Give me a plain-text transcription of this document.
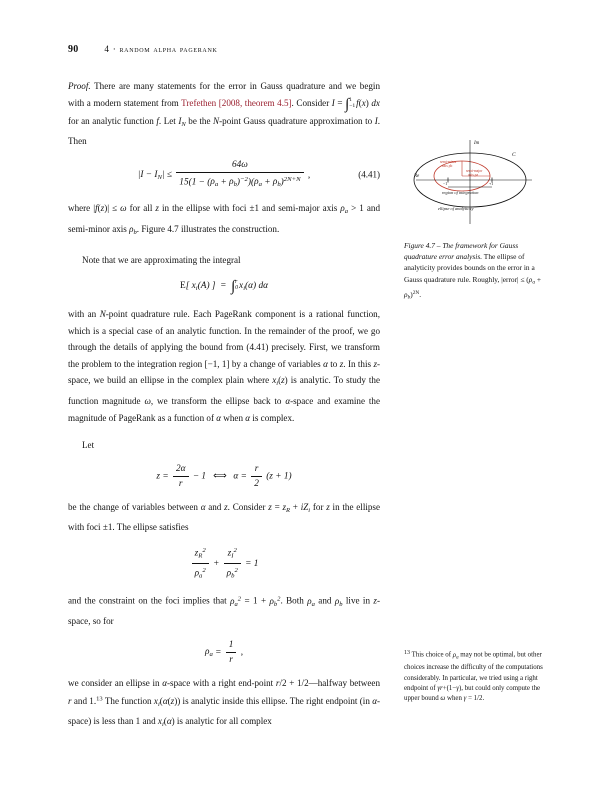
90	4 · random alpha pagerank

Proof. There are many statements for the error in Gauss quadrature and we begin with a modern statement from Trefethen [2008, theorem 4.5]. Consider I = ∫ 1
−1 f(x) dx for an analytic function f. Let $I_N$ be the N-point Gauss quadrature approximation to I. Then

$|I - I_N| \le \frac{64\omega}{15(1 - (\rho_a + \rho_b)^{-2})(\rho_a + \rho_b)^{2N+N}}$ ,	(4.41)

where |f(z)| ≤ ω for all z in the ellipse with foci ±1 and semi-major axis $\rho_a > 1$ and semi-minor axis $\rho_b$. Figure 4.7 illustrates the construction.

Note that we are approximating the integral

E[ $x_i(A)$ ]  =  ∫ r
0 $x_i(\alpha)$ dα

with an N-point quadrature rule. Each PageRank component is a rational function, which is a special case of an analytic function. In the remainder of the proof, we go through the details of applying the bound from (4.41) precisely. First, we transform the problem to the integration region [−1, 1] by a change of variables α to z. In this z-space, we build an ellipse in the complex plain where $x_i(z)$ is analytic. To study the function magnitude ω, we transform the ellipse back to α-space and examine the magnitude of PageRank as a function of α when α is complex.

Let

$z = \frac{2\alpha}{r} - 1$ ⟺ $\alpha = \frac{r}{2} (z + 1)$

be the change of variables between α and z. Consider $z = z_R + iZ_i$ for z in the ellipse with foci ±1. The ellipse satisfies

$\frac{z_R^2}{\rho_a^2} + \frac{z_I^2}{\rho_b^2} = 1$

and the constraint on the foci implies that $\rho_a^2 = 1 + \rho_b^2$. Both $\rho_a$ and $\rho_b$ live in z-space, so for

$\rho_a = \frac{1}{r}$ ,

we consider an ellipse in α-space with a right end-point r/2 + 1/2—halfway between r and 1.13 The function $x_i(\alpha(z))$ is analytic inside this ellipse. The right endpoint (in α-space) is less than 1 and $x_i(\alpha)$ is analytic for all complex

Im
Re
C
semi-minor
axis ρb
semi-major
axis ρa
−1	+1
region of integration
ellipse of analyticity
Figure 4.7 – The framework for Gauss quadrature error analysis. The ellipse of analyticity provides bounds on the error in a Gauss quadrature rule. Roughly, |error| ≤ $(\rho_a + \rho_b)^{2N}$.
13 This choice of $\rho_a$ may not be optimal, but other choices increase the difficulty of the computations considerably. In particular, we tried using a right endpoint of γr+(1−γ), but could only compute the upper bound ω when γ = 1/2.
